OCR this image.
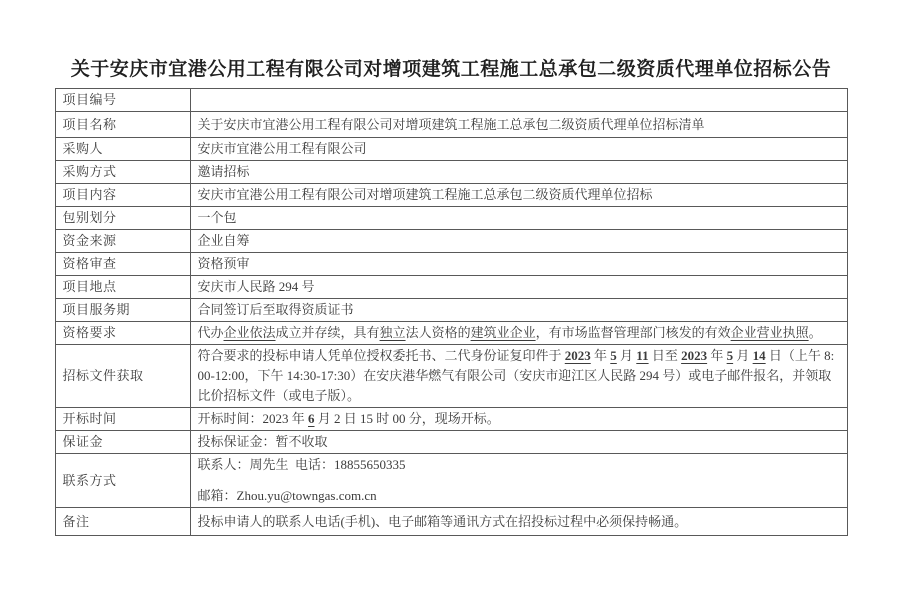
关于安庆市宜港公用工程有限公司对增项建筑工程施工总承包二级资质代理单位招标公告
项目编号	
项目名称	关于安庆市宜港公用工程有限公司对增项建筑工程施工总承包二级资质代理单位招标清单

采购人	安庆市宜港公用工程有限公司

采购方式	邀请招标

项目内容	安庆市宜港公用工程有限公司对增项建筑工程施工总承包二级资质代理单位招标

包别划分	一个包

资金来源	企业自筹

资格审查	资格预审

项目地点	安庆市人民路 294 号

项目服务期	合同签订后至取得资质证书

资格要求	代办企业依法成立并存续，具有独立法人资格的建筑业企业，有市场监督管理部门核发的有效企业营业执照。

招标文件获取	符合要求的投标申请人凭单位授权委托书、二代身份证复印件于 2023 年 5 月 11 日至 2023 年 5 月 14 日（上午 8:00-12:00，下午 14:30-17:30）在安庆港华燃气有限公司（安庆市迎江区人民路 294 号）或电子邮件报名，并领取比价招标文件（或电子版）。

开标时间	开标时间：2023 年 6 月 2 日 15 时 00 分，现场开标。

保证金	投标保证金：暂不收取

联系方式	联系人：周先生  电话：18855650335
邮箱：Zhou.yu@towngas.com.cn

备注	投标申请人的联系人电话(手机)、电子邮箱等通讯方式在招投标过程中必须保持畅通。
